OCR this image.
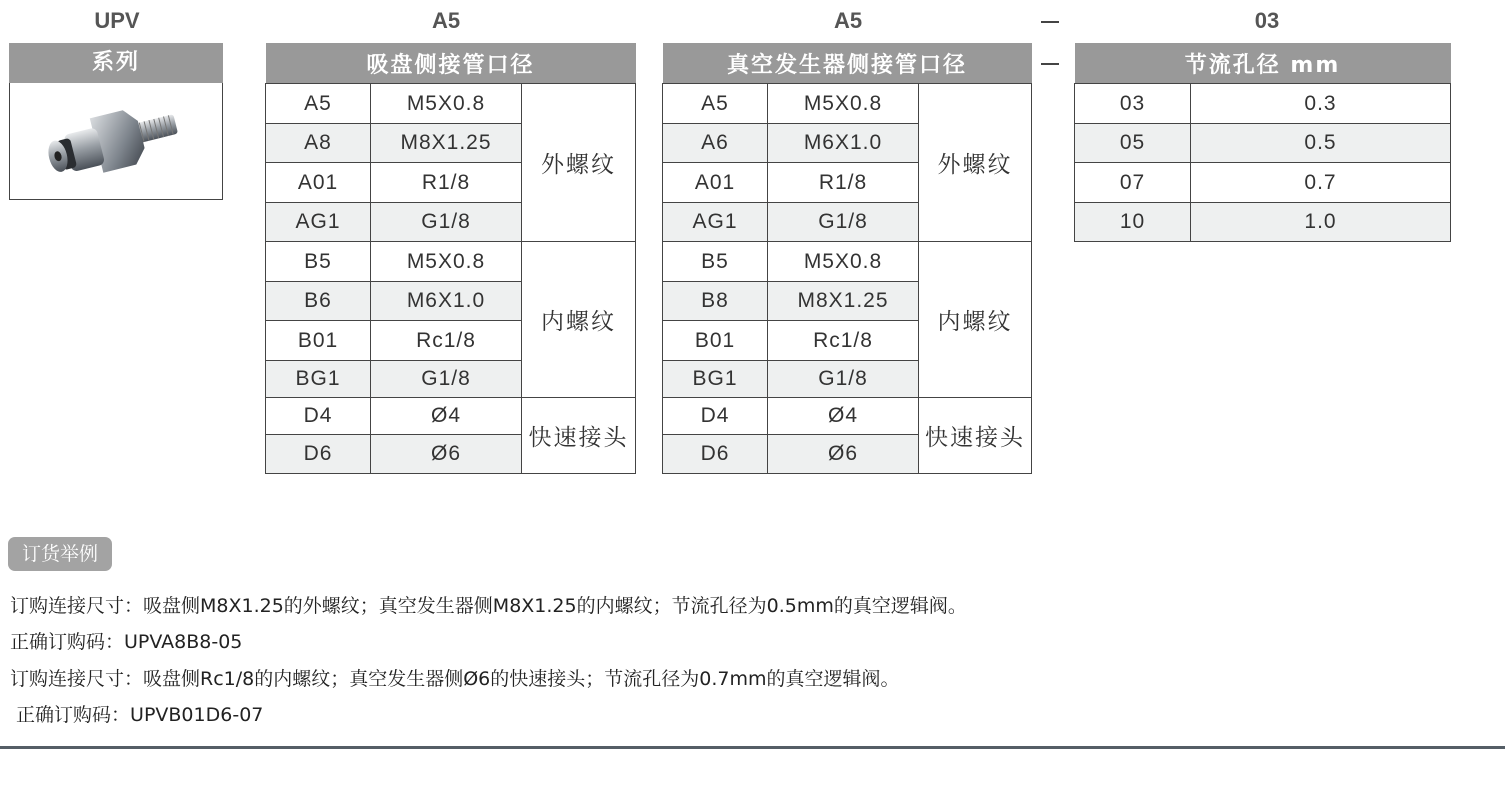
UPV	A5	A5	03
系列	吸盘侧接管口径		
A5	M5X0.8	外螺纹
A8	M8X1.25	
A01	R1/8	
AG1	G1/8	
B5	M5X0.8	内螺纹
B6	M6X1.0	
B01	Rc1/8	
BG1	G1/8	
D4	Ø4	快速接头
D6	Ø6	
真空发生器侧接管口径		
A5	M5X0.8	外螺纹
A6	M6X1.0	
A01	R1/8	
AG1	G1/8	
B5	M5X0.8	内螺纹
B8	M8X1.25	
B01	Rc1/8	
BG1	G1/8	
D4	Ø4	快速接头
D6	Ø6	
节流孔径 mm	
03	0.3
05	0.5
07	0.7
10	1.0
订货举例
订购连接尺寸：吸盘侧M8X1.25的外螺纹；真空发生器侧M8X1.25的内螺纹；节流孔径为0.5mm的真空逻辑阀。
正确订购码：UPVA8B8-05
订购连接尺寸：吸盘侧Rc1/8的内螺纹；真空发生器侧Ø6的快速接头；节流孔径为0.7mm的真空逻辑阀。
正确订购码：UPVB01D6-07
